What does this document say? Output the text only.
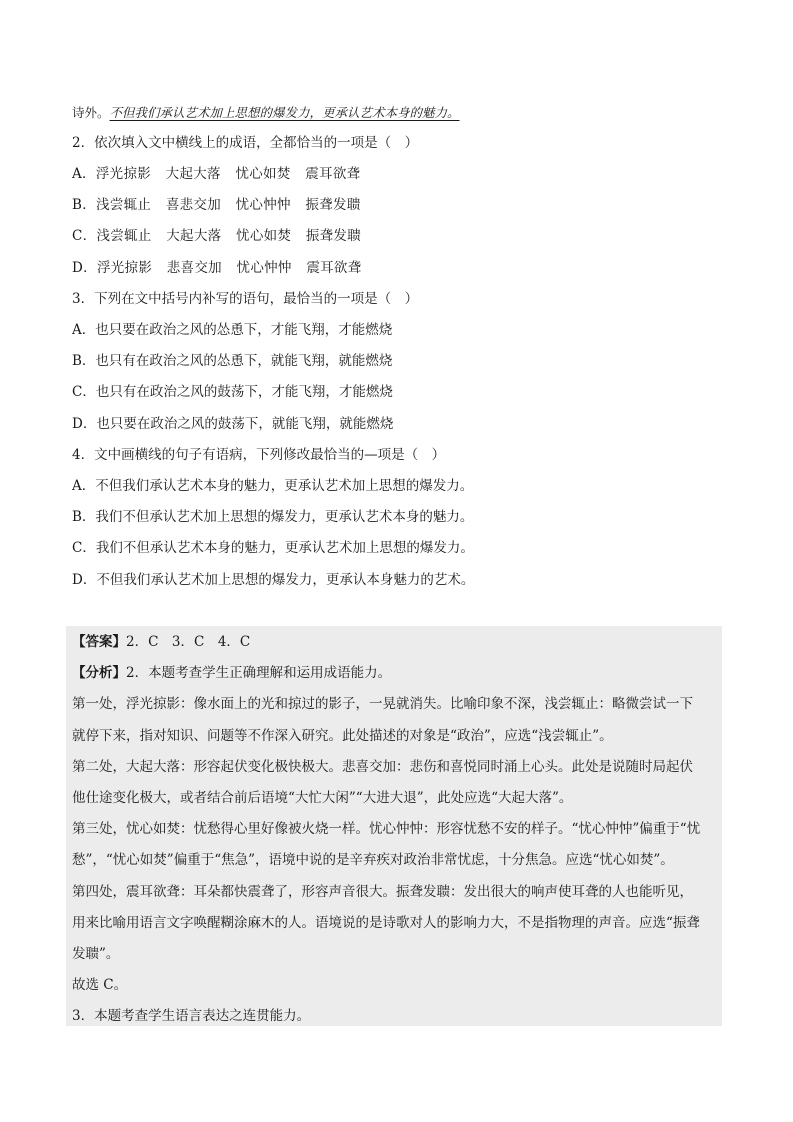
诗外。不但我们承认艺术加上思想的爆发力，更承认艺术本身的魅力。
2．依次填入文中横线上的成语，全都恰当的一项是（　）
A．浮光掠影 大起大落 忧心如焚 震耳欲聋
B．浅尝辄止 喜悲交加 忧心忡忡 振聋发聩
C．浅尝辄止 大起大落 忧心如焚 振聋发聩
D．浮光掠影 悲喜交加 忧心忡忡 震耳欲聋
3．下列在文中括号内补写的语句，最恰当的一项是（　）
A．也只要在政治之风的怂恿下，才能飞翔，才能燃烧
B．也只有在政治之风的怂恿下，就能飞翔，就能燃烧
C．也只有在政治之风的鼓荡下，才能飞翔，才能燃烧
D．也只要在政治之风的鼓荡下，就能飞翔，就能燃烧
4．文中画横线的句子有语病，下列修改最恰当的—项是（　）
A．不但我们承认艺术本身的魅力，更承认艺术加上思想的爆发力。
B．我们不但承认艺术加上思想的爆发力，更承认艺术本身的魅力。
C．我们不但承认艺术本身的魅力，更承认艺术加上思想的爆发力。
D．不但我们承认艺术加上思想的爆发力，更承认本身魅力的艺术。
【答案】2．C　3．C　4．C
【分析】2．本题考查学生正确理解和运用成语能力。
第一处，浮光掠影：像水面上的光和掠过的影子，一晃就消失。比喻印象不深，浅尝辄止：略微尝试一下
就停下来，指对知识、问题等不作深入研究。此处描述的对象是“政治”，应选“浅尝辄止”。
第二处，大起大落：形容起伏变化极快极大。悲喜交加：悲伤和喜悦同时涌上心头。此处是说随时局起伏
他仕途变化极大，或者结合前后语境“大忙大闲”“大进大退”，此处应选“大起大落”。
第三处，忧心如焚：忧愁得心里好像被火烧一样。忧心忡忡：形容忧愁不安的样子。“忧心忡忡”偏重于“忧
愁”，“忧心如焚”偏重于“焦急”，语境中说的是辛弃疾对政治非常忧虑，十分焦急。应选“忧心如焚”。
第四处，震耳欲聋：耳朵都快震聋了，形容声音很大。振聋发聩：发出很大的响声使耳聋的人也能听见，
用来比喻用语言文字唤醒糊涂麻木的人。语境说的是诗歌对人的影响力大，不是指物理的声音。应选“振聋
发聩”。
故选 C。
3．本题考查学生语言表达之连贯能力。
